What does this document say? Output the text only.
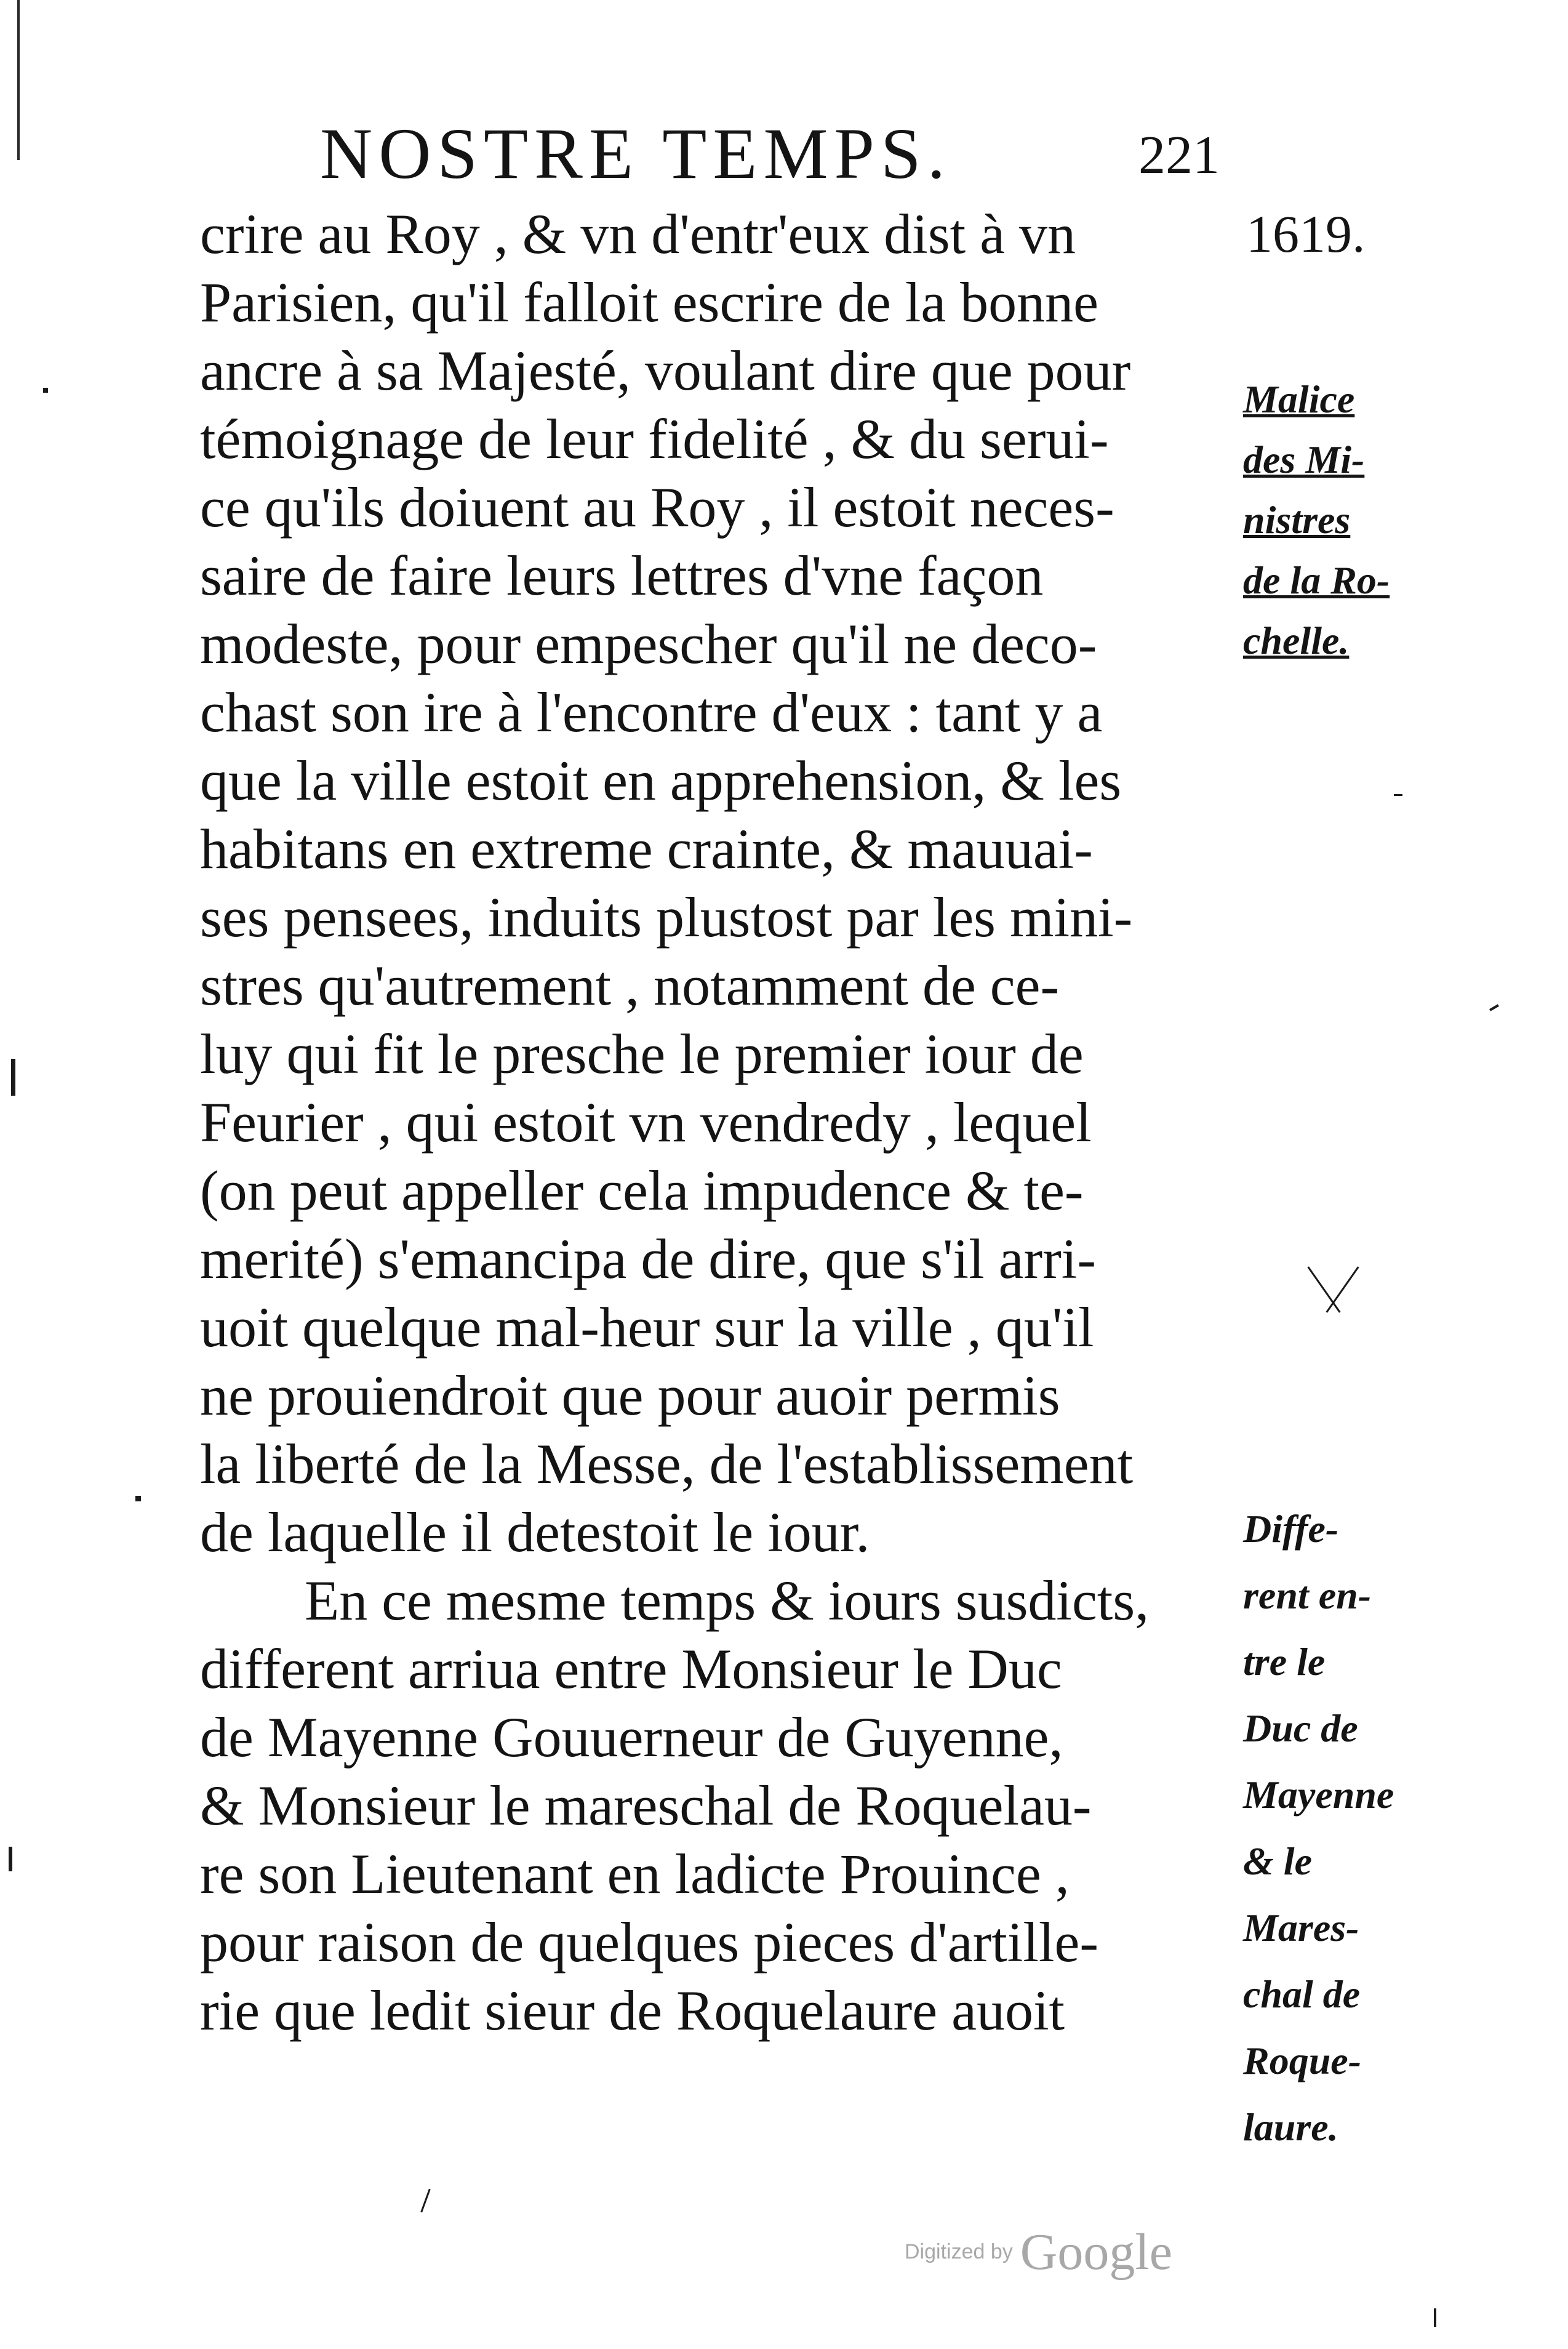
NOSTRE TEMPS.	221
1619.
crire au Roy , & vn d'entr'eux dist à vn
Parisien, qu'il falloit escrire de la bonne
ancre à sa Majesté, voulant dire que pour
témoignage de leur fidelité , & du serui-
ce qu'ils doiuent au Roy , il estoit neces-
saire de faire leurs lettres d'vne façon
modeste, pour empescher qu'il ne deco-
chast son ire à l'encontre d'eux : tant y a
que la ville estoit en apprehension, & les
habitans en extreme crainte, & mauuai-
ses pensees, induits plustost par les mini-
stres qu'autrement , notamment de ce-
luy qui fit le presche le premier iour de
Feurier , qui estoit vn vendredy , lequel
(on peut appeller cela impudence & te-
merité) s'emancipa de dire, que s'il arri-
uoit quelque mal-heur sur la ville , qu'il
ne prouiendroit que pour auoir permis
la liberté de la Messe, de l'establissement
de laquelle il detestoit le iour.
En ce mesme temps & iours susdicts,
different arriua entre Monsieur le Duc
de Mayenne Gouuerneur de Guyenne,
& Monsieur le mareschal de Roquelau-
re son Lieutenant en ladicte Prouince ,
pour raison de quelques pieces d'artille-
rie que ledit sieur de Roquelaure auoit
Malice
des Mi-
nistres
de la Ro-
chelle.
Diffe-
rent en-
tre le
Duc de
Mayenne
& le
Mares-
chal de
Roque-
laure.
Digitized by Google
